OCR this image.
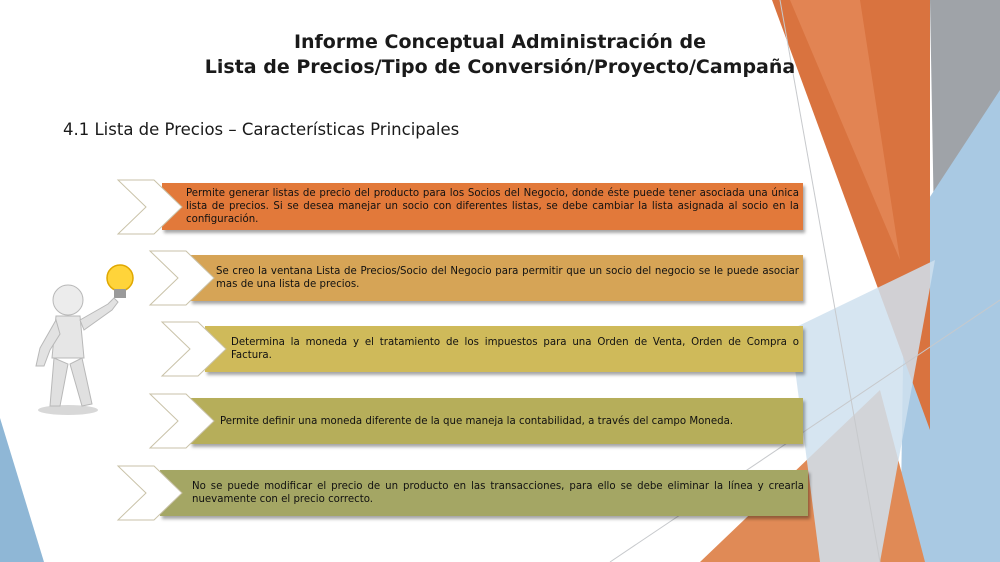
Informe Conceptual Administración de
Lista de Precios/Tipo de Conversión/Proyecto/Campaña
4.1 Lista de Precios – Características Principales
Permite generar listas de precio del producto para los Socios del Negocio, donde éste puede tener asociada una única lista de precios. Si se desea manejar un socio con diferentes listas, se debe cambiar la lista asignada al socio en la configuración.
Se creo la ventana Lista de Precios/Socio del Negocio para permitir que un socio del negocio se le puede asociar mas de una lista de precios.
Determina la moneda y el tratamiento de los impuestos para una Orden de Venta, Orden de Compra o Factura.
Permite definir una moneda diferente de la que maneja la contabilidad, a través del campo Moneda.
No se puede modificar el precio de un producto en las transacciones, para ello se debe eliminar la línea y crearla nuevamente con el precio correcto.
